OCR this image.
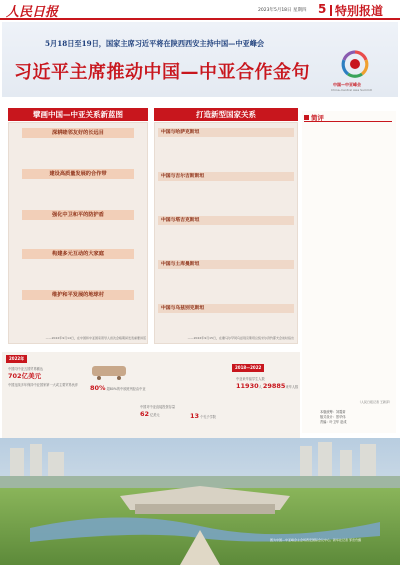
人民日报	2023年5月18日 星期四 5 特别报道
5月18日至19日，国家主席习近平将在陕西西安主持中国—中亚峰会
习近平主席推动中国—中亚合作金句
中国—中亚峰会
China–Central Asia Summit
擘画中国—中亚关系新蓝图
深耕睦邻友好的长远目

建设高质量发展的合作带
强化中卫和平的防护盾
构建多元互动的大家庭
维护和平发展的地球村
——2022年9月14日，在中国和中亚国家领导人首次会晤期间发表重要讲话
打造新型国家关系
中国与哈萨克斯坦
中国与吉尔吉斯斯坦
中国与塔吉克斯坦
中国与土库曼斯坦
中国与乌兹别克斯坦
——2022年9月15日，在撒马尔罕同乌兹别克斯坦总统米尔济约耶夫会谈时指出
简评
（人民日报记者 王新萍）
2022年
中国同中亚五国贸易额达
702亿美元
中国连续多年保持中亚国家第一大或主要贸易伙伴	80% 超80%的中欧班列经由中亚
中国对中亚直接投资存量
62 亿美元	13 个孔子学院
2018—2022
中亚来华留学生人数
11930人 29885来华人数
本版统筹：刘震菊
版式设计：蔡华伟
责编：叶卫华 赵成
图为中国—中亚峰会主会场西安国际会议中心。新华社记者 邹竞舟摄
